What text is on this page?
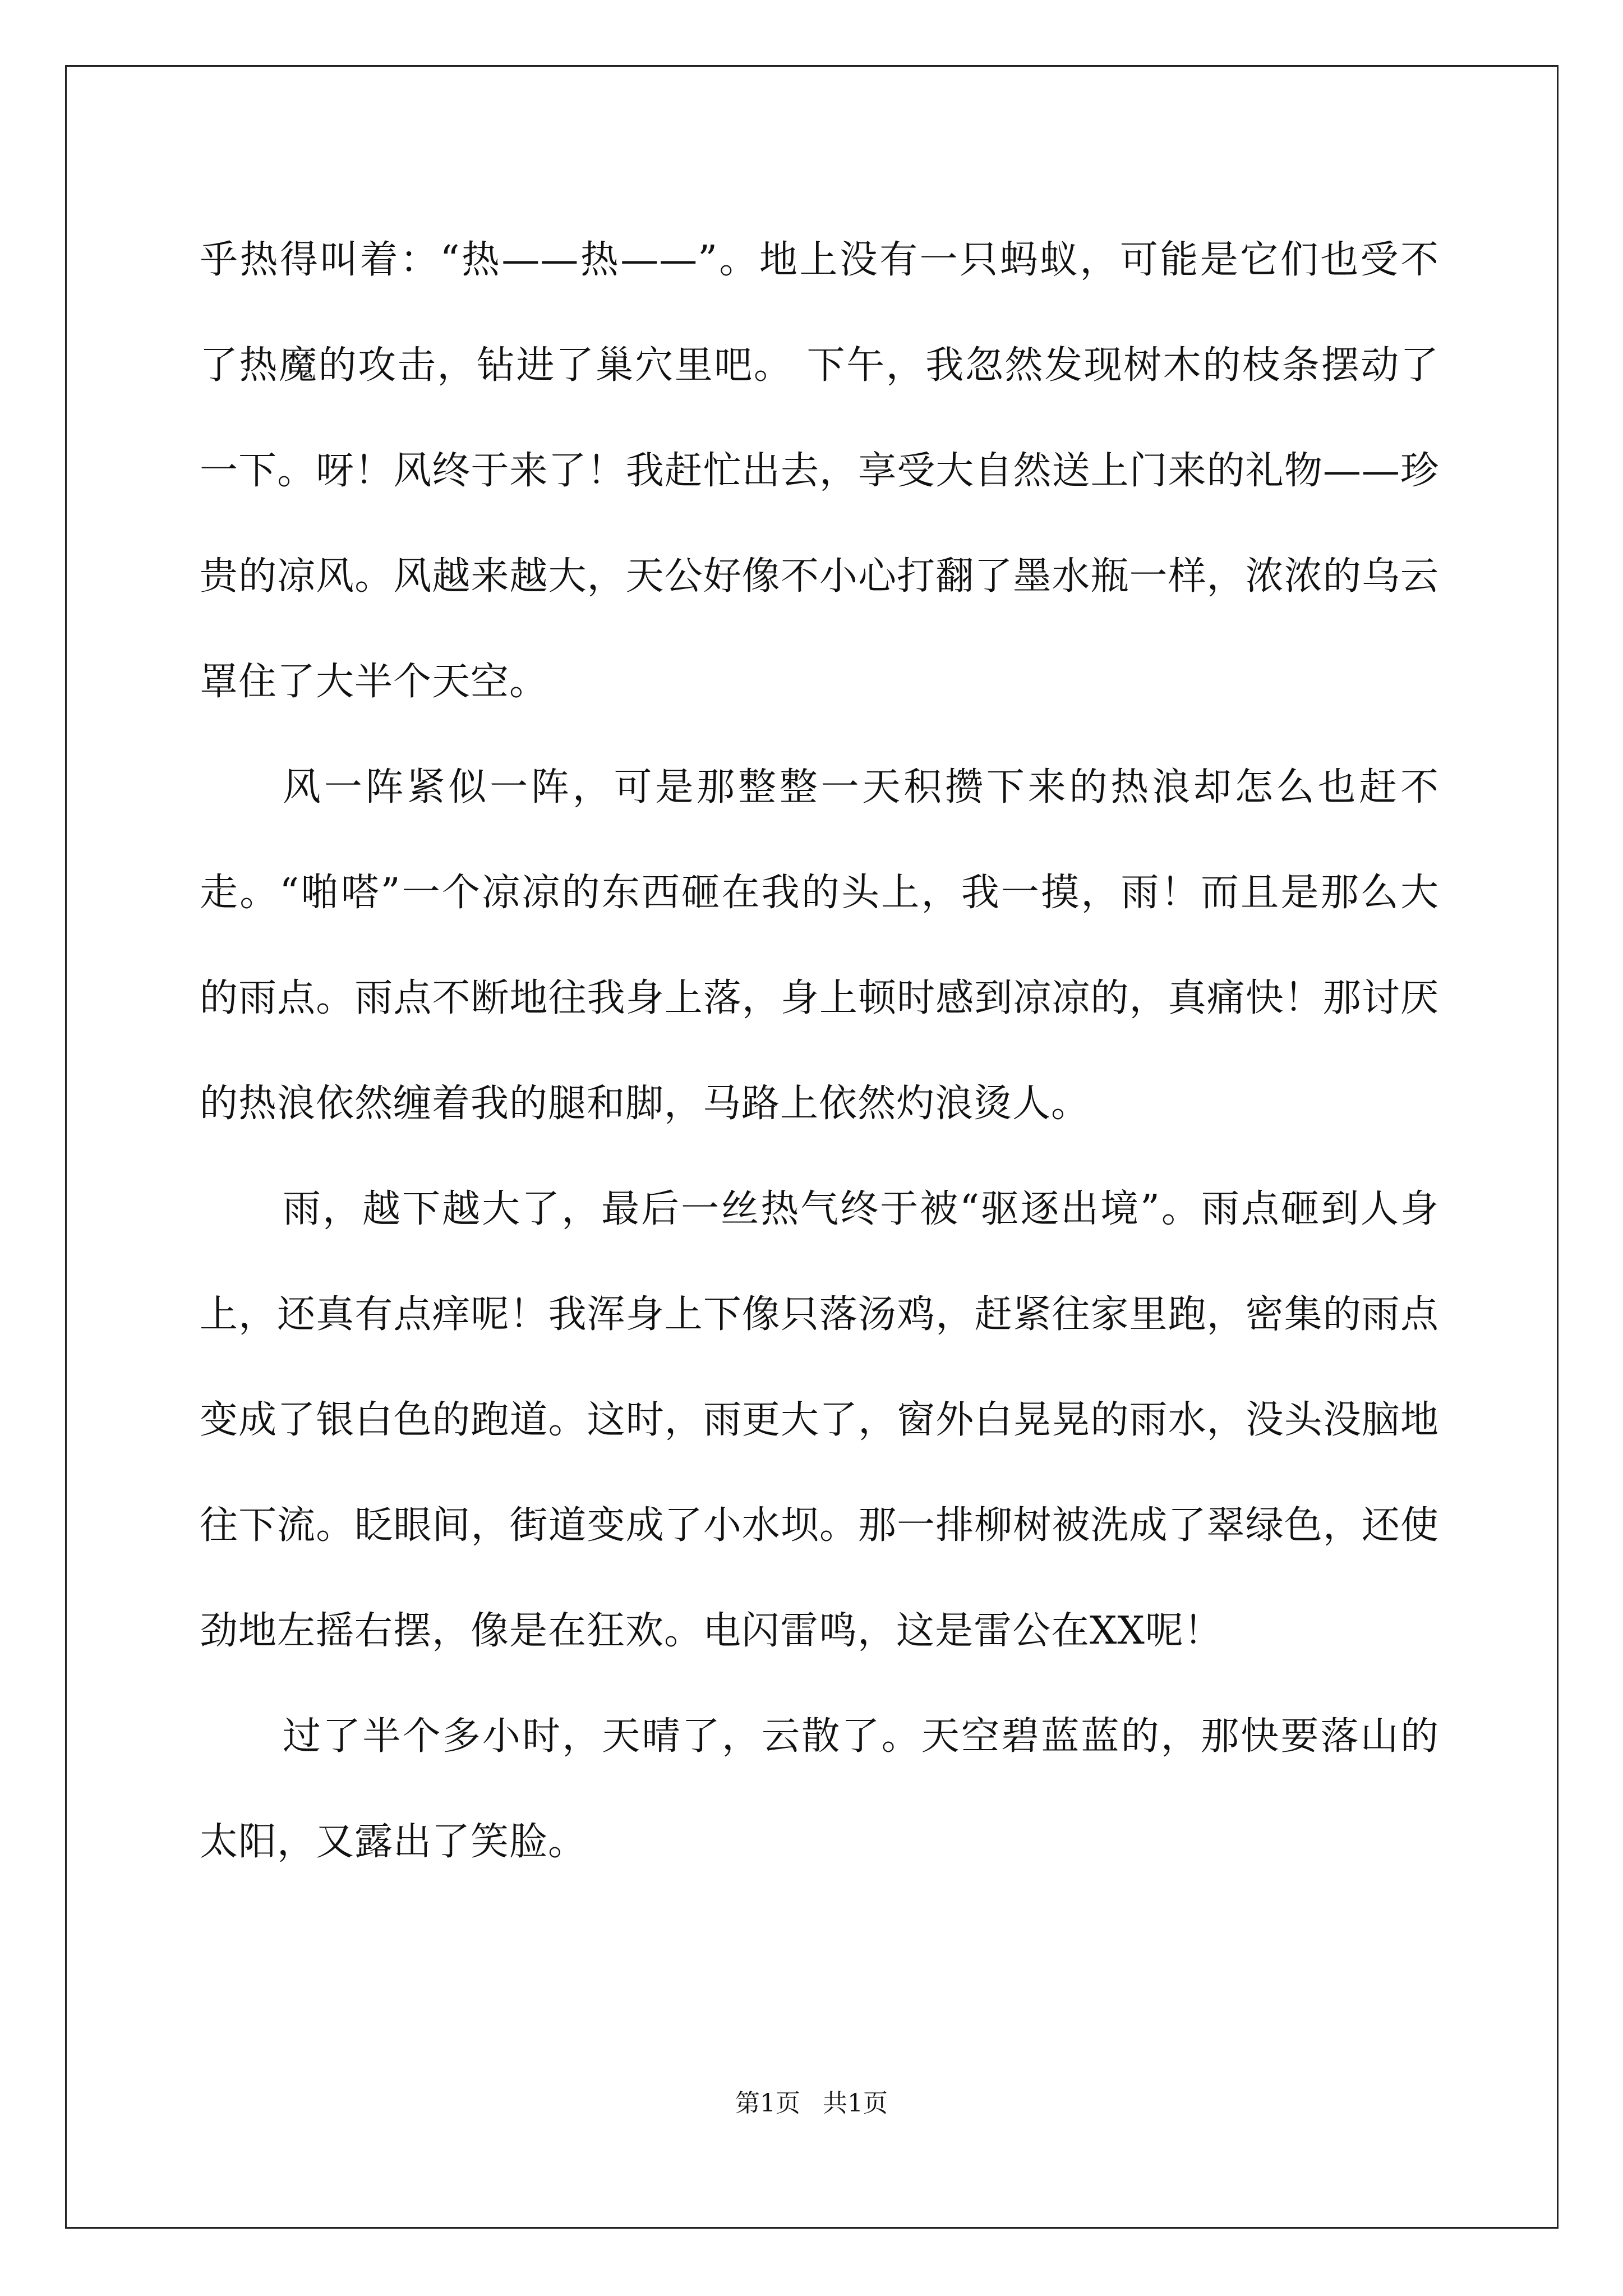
乎热得叫着：“热——热——”。地上没有一只蚂蚁，可能是它们也受不了热魔的攻击，钻进了巢穴里吧。 下午，我忽然发现树木的枝条摆动了一下。呀！风终于来了！我赶忙出去，享受大自然送上门来的礼物——珍贵的凉风。风越来越大，天公好像不小心打翻了墨水瓶一样，浓浓的乌云罩住了大半个天空。

风一阵紧似一阵，可是那整整一天积攒下来的热浪却怎么也赶不走。“啪嗒”一个凉凉的东西砸在我的头上，我一摸，雨！而且是那么大的雨点。雨点不断地往我身上落，身上顿时感到凉凉的，真痛快！那讨厌的热浪依然缠着我的腿和脚，马路上依然灼浪烫人。

雨，越下越大了，最后一丝热气终于被“驱逐出境”。雨点砸到人身上，还真有点痒呢！我浑身上下像只落汤鸡，赶紧往家里跑，密集的雨点变成了银白色的跑道。这时，雨更大了，窗外白晃晃的雨水，没头没脑地往下流。眨眼间，街道变成了小水坝。那一排柳树被洗成了翠绿色，还使劲地左摇右摆，像是在狂欢。电闪雷鸣，这是雷公在XX呢！

过了半个多小时，天晴了，云散了。天空碧蓝蓝的，那快要落山的太阳，又露出了笑脸。

第1页 共1页
